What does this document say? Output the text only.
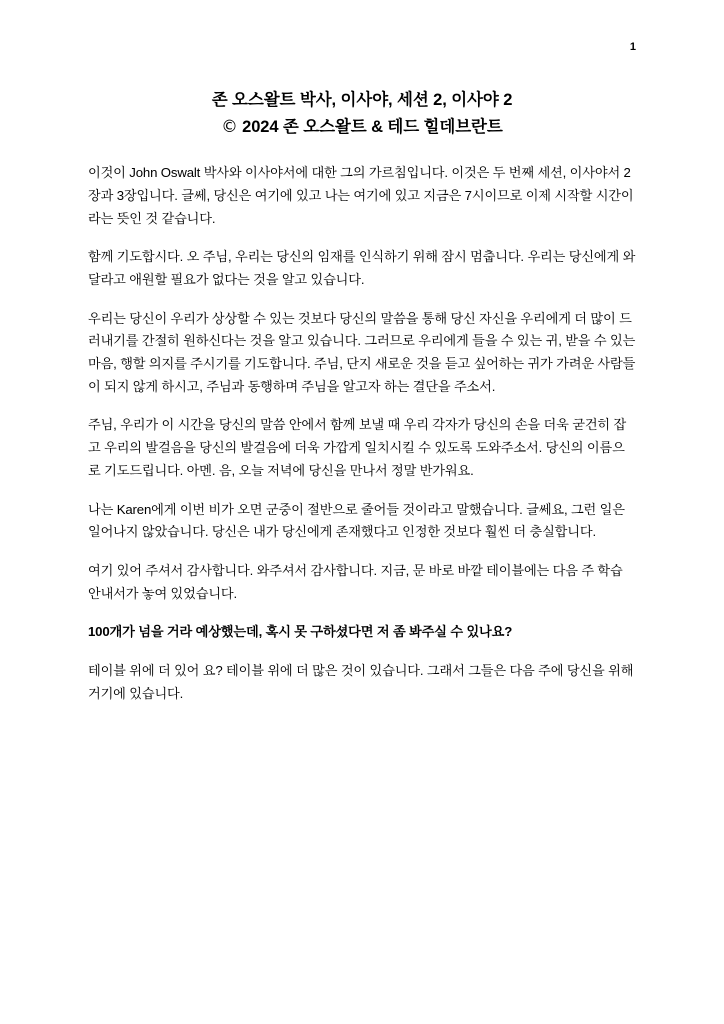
1
존 오스왈트 박사, 이사야, 세션 2, 이사야 2
© 2024 존 오스왈트 & 테드 힐데브란트

이것이 John Oswalt 박사와 이사야서에 대한 그의 가르침입니다. 이것은 두 번째 세션, 이사야서 2장과 3장입니다. 글쎄, 당신은 여기에 있고 나는 여기에 있고 지금은 7시이므로 이제 시작할 시간이라는 뜻인 것 같습니다.

함께 기도합시다. 오 주님, 우리는 당신의 임재를 인식하기 위해 잠시 멈춥니다. 우리는 당신에게 와달라고 애원할 필요가 없다는 것을 알고 있습니다.

우리는 당신이 우리가 상상할 수 있는 것보다 당신의 말씀을 통해 당신 자신을 우리에게 더 많이 드러내기를 간절히 원하신다는 것을 알고 있습니다. 그러므로 우리에게 들을 수 있는 귀, 받을 수 있는 마음, 행할 의지를 주시기를 기도합니다. 주님, 단지 새로운 것을 듣고 싶어하는 귀가 가려운 사람들이 되지 않게 하시고, 주님과 동행하며 주님을 알고자 하는 결단을 주소서.

주님, 우리가 이 시간을 당신의 말씀 안에서 함께 보낼 때 우리 각자가 당신의 손을 더욱 굳건히 잡고 우리의 발걸음을 당신의 발걸음에 더욱 가깝게 일치시킬 수 있도록 도와주소서. 당신의 이름으로 기도드립니다. 아멘. 음, 오늘 저녁에 당신을 만나서 정말 반가워요.

나는 Karen에게 이번 비가 오면 군중이 절반으로 줄어들 것이라고 말했습니다. 글쎄요, 그런 일은 일어나지 않았습니다. 당신은 내가 당신에게 존재했다고 인정한 것보다 훨씬 더 충실합니다.

여기 있어 주셔서 감사합니다. 와주셔서 감사합니다. 지금, 문 바로 바깥 테이블에는 다음 주 학습 안내서가 놓여 있었습니다.

100개가 넘을 거라 예상했는데, 혹시 못 구하셨다면 저 좀 봐주실 수 있나요?

테이블 위에 더 있어 요? 테이블 위에 더 많은 것이 있습니다. 그래서 그들은 다음 주에 당신을 위해 거기에 있습니다.
